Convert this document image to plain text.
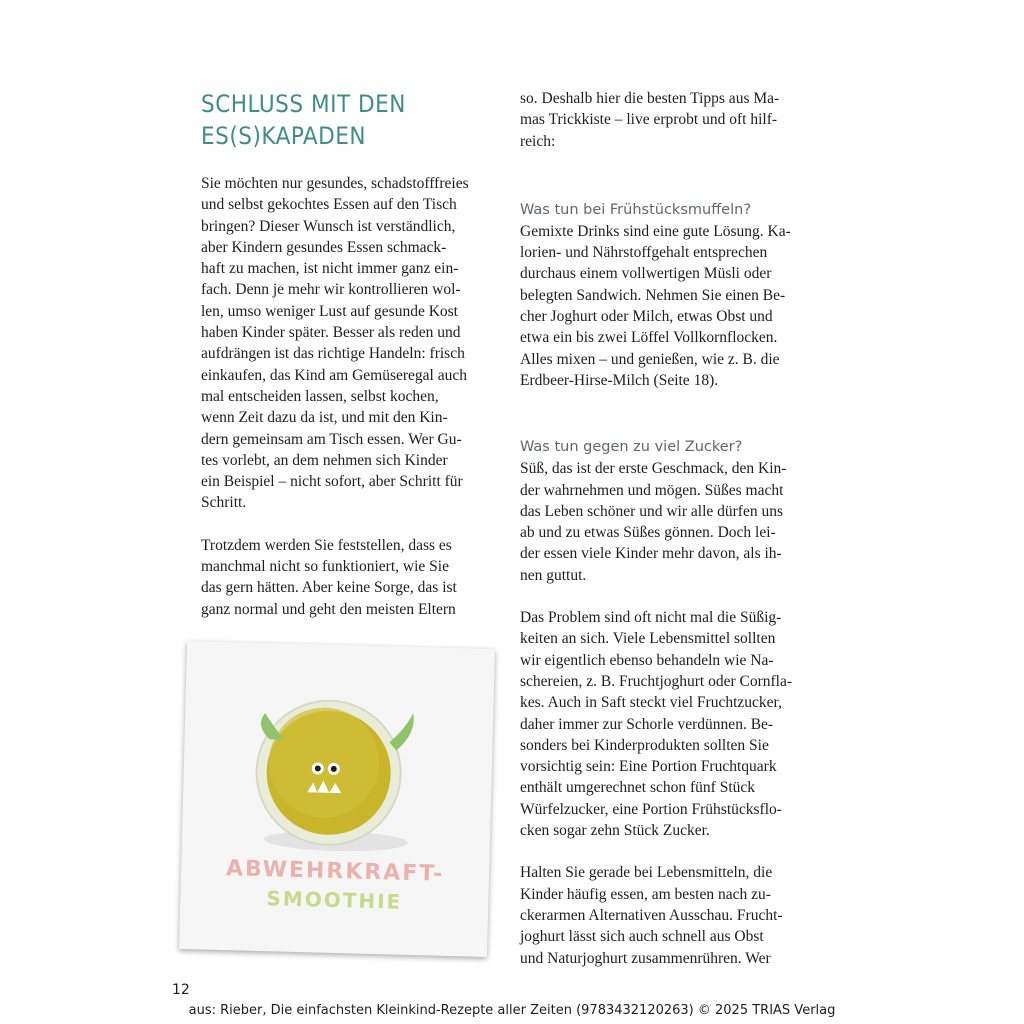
SCHLUSS MIT DEN
ES(S)KAPADEN

Sie möchten nur gesundes, schadstofffreies
und selbst gekochtes Essen auf den Tisch
bringen? Dieser Wunsch ist verständlich,
aber Kindern gesundes Essen schmack-
haft zu machen, ist nicht immer ganz ein-
fach. Denn je mehr wir kontrollieren wol-
len, umso weniger Lust auf gesunde Kost
haben Kinder später. Besser als reden und
aufdrängen ist das richtige Handeln: frisch
einkaufen, das Kind am Gemüseregal auch
mal entscheiden lassen, selbst kochen,
wenn Zeit dazu da ist, und mit den Kin-
dern gemeinsam am Tisch essen. Wer Gu-
tes vorlebt, an dem nehmen sich Kinder
ein Beispiel – nicht sofort, aber Schritt für
Schritt.

Trotzdem werden Sie feststellen, dass es
manchmal nicht so funktioniert, wie Sie
das gern hätten. Aber keine Sorge, das ist
ganz normal und geht den meisten Eltern

ABWEHRKRAFT-
SMOOTHIE

so. Deshalb hier die besten Tipps aus Ma-
mas Trickkiste – live erprobt und oft hilf-
reich:

Was tun bei Frühstücksmuffeln?

Gemixte Drinks sind eine gute Lösung. Ka-
lorien- und Nährstoffgehalt entsprechen
durchaus einem vollwertigen Müsli oder
belegten Sandwich. Nehmen Sie einen Be-
cher Joghurt oder Milch, etwas Obst und
etwa ein bis zwei Löffel Vollkornflocken.
Alles mixen – und genießen, wie z. B. die
Erdbeer-Hirse-Milch (Seite 18).

Was tun gegen zu viel Zucker?

Süß, das ist der erste Geschmack, den Kin-
der wahrnehmen und mögen. Süßes macht
das Leben schöner und wir alle dürfen uns
ab und zu etwas Süßes gönnen. Doch lei-
der essen viele Kinder mehr davon, als ih-
nen guttut.

Das Problem sind oft nicht mal die Süßig-
keiten an sich. Viele Lebensmittel sollten
wir eigentlich ebenso behandeln wie Na-
schereien, z. B. Fruchtjoghurt oder Cornfla-
kes. Auch in Saft steckt viel Fruchtzucker,
daher immer zur Schorle verdünnen. Be-
sonders bei Kinderprodukten sollten Sie
vorsichtig sein: Eine Portion Fruchtquark
enthält umgerechnet schon fünf Stück
Würfelzucker, eine Portion Frühstücksflo-
cken sogar zehn Stück Zucker.

Halten Sie gerade bei Lebensmitteln, die
Kinder häufig essen, am besten nach zu-
ckerarmen Alternativen Ausschau. Frucht-
joghurt lässt sich auch schnell aus Obst
und Naturjoghurt zusammenrühren. Wer

12
aus: Rieber, Die einfachsten Kleinkind-Rezepte aller Zeiten (9783432120263) © 2025 TRIAS Verlag
